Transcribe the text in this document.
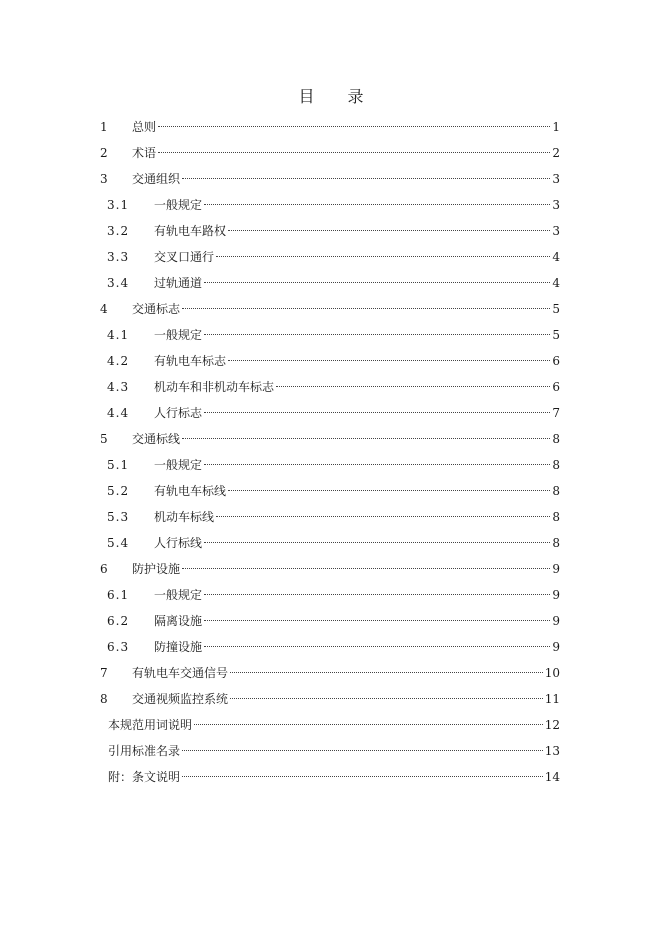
目 录
1 总则	1
2 术语	2
3 交通组织	3
3.1 一般规定	3
3.2 有轨电车路权	3
3.3 交叉口通行	4
3.4 过轨通道	4
4 交通标志	5
4.1 一般规定	5
4.2 有轨电车标志	6
4.3 机动车和非机动车标志	6
4.4 人行标志	7
5 交通标线	8
5.1 一般规定	8
5.2 有轨电车标线	8
5.3 机动车标线	8
5.4 人行标线	8
6 防护设施	9
6.1 一般规定	9
6.2 隔离设施	9
6.3 防撞设施	9
7 有轨电车交通信号	10
8 交通视频监控系统	11
本规范用词说明	12
引用标准名录	13
附：条文说明	14
